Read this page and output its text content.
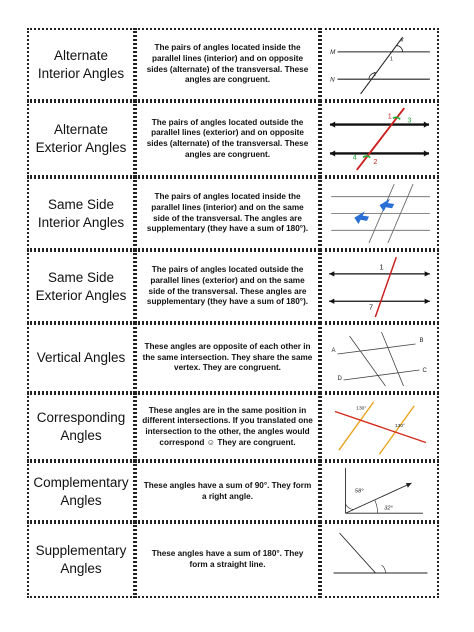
Alternate Interior Angles
The pairs of angles located inside the parallel lines (interior) and on opposite sides (alternate) of the transversal. These angles are congruent.
M
N
x
1
2
Alternate Exterior Angles
The pairs of angles located outside the parallel lines (exterior) and on opposite sides (alternate) of the transversal. These angles are congruent.
1 3
4 2
Same Side Interior Angles
The pairs of angles located inside the parallel lines (interior) and on the same side of the transversal. The angles are supplementary (they have a sum of 180°).
Same Side Exterior Angles
The pairs of angles located outside the parallel lines (exterior) and on the same side of the transversal. These angles are supplementary (they have a sum of 180°).
1
7
Vertical Angles
These angles are opposite of each other in the same intersection. They share the same vertex. They are congruent.
A
B
C
D
Corresponding Angles
These angles are in the same position in different intersections. If you translated one intersection to the other, the angles would correspond ☺ They are congruent.
130°
130°
Complementary Angles
These angles have a sum of 90°. They form a right angle.
58°
32°
Supplementary Angles
These angles have a sum of 180°. They form a straight line.
